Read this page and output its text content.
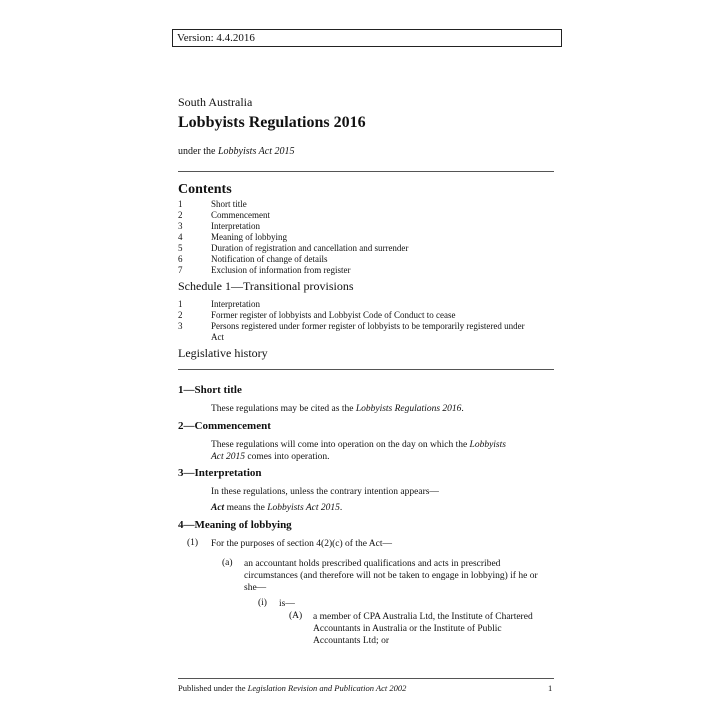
Version: 4.4.2016
South Australia
Lobbyists Regulations 2016
under the Lobbyists Act 2015
Contents
1	Short title
2	Commencement
3	Interpretation
4	Meaning of lobbying
5	Duration of registration and cancellation and surrender
6	Notification of change of details
7	Exclusion of information from register
Schedule 1—Transitional provisions
1	Interpretation
2	Former register of lobbyists and Lobbyist Code of Conduct to cease
3	Persons registered under former register of lobbyists to be temporarily registered under
Act
Legislative history
1—Short title
These regulations may be cited as the Lobbyists Regulations 2016.
2—Commencement
These regulations will come into operation on the day on which the Lobbyists
Act 2015 comes into operation.
3—Interpretation
In these regulations, unless the contrary intention appears—
Act means the Lobbyists Act 2015.
4—Meaning of lobbying
(1) For the purposes of section 4(2)(c) of the Act—
(a) an accountant holds prescribed qualifications and acts in prescribed
circumstances (and therefore will not be taken to engage in lobbying) if he or
she—
(i) is—
(A) a member of CPA Australia Ltd, the Institute of Chartered
Accountants in Australia or the Institute of Public
Accountants Ltd; or
Published under the Legislation Revision and Publication Act 2002	1
